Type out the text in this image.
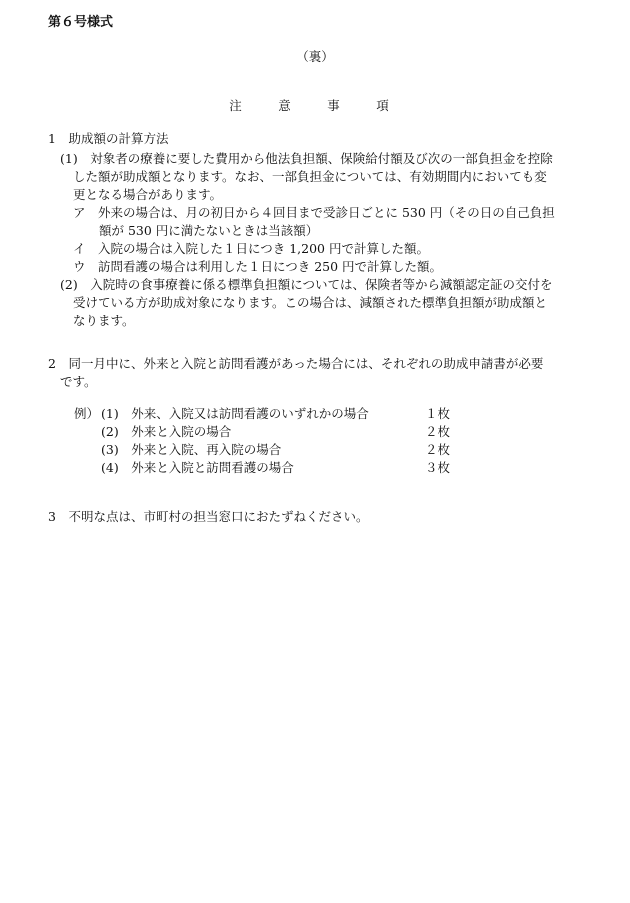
第６号様式
（裏）
注　意　事　項
1　助成額の計算方法
(1)　対象者の療養に要した費用から他法負担額、保険給付額及び次の一部負担金を控除
した額が助成額となります。なお、一部負担金については、有効期間内においても変
更となる場合があります。
ア　外来の場合は、月の初日から４回目まで受診日ごとに 530 円（その日の自己負担
額が 530 円に満たないときは当該額）
イ　入院の場合は入院した１日につき 1,200 円で計算した額。
ウ　訪問看護の場合は利用した１日につき 250 円で計算した額。
(2)　入院時の食事療養に係る標準負担額については、保険者等から減額認定証の交付を
受けている方が助成対象になります。この場合は、減額された標準負担額が助成額と
なります。
2　同一月中に、外来と入院と訪問看護があった場合には、それぞれの助成申請書が必要
です。
例） (1)　外来、入院又は訪問看護のいずれかの場合	１枚
(2)　外来と入院の場合	２枚
(3)　外来と入院、再入院の場合	２枚
(4)　外来と入院と訪問看護の場合	３枚
3　不明な点は、市町村の担当窓口におたずねください。
